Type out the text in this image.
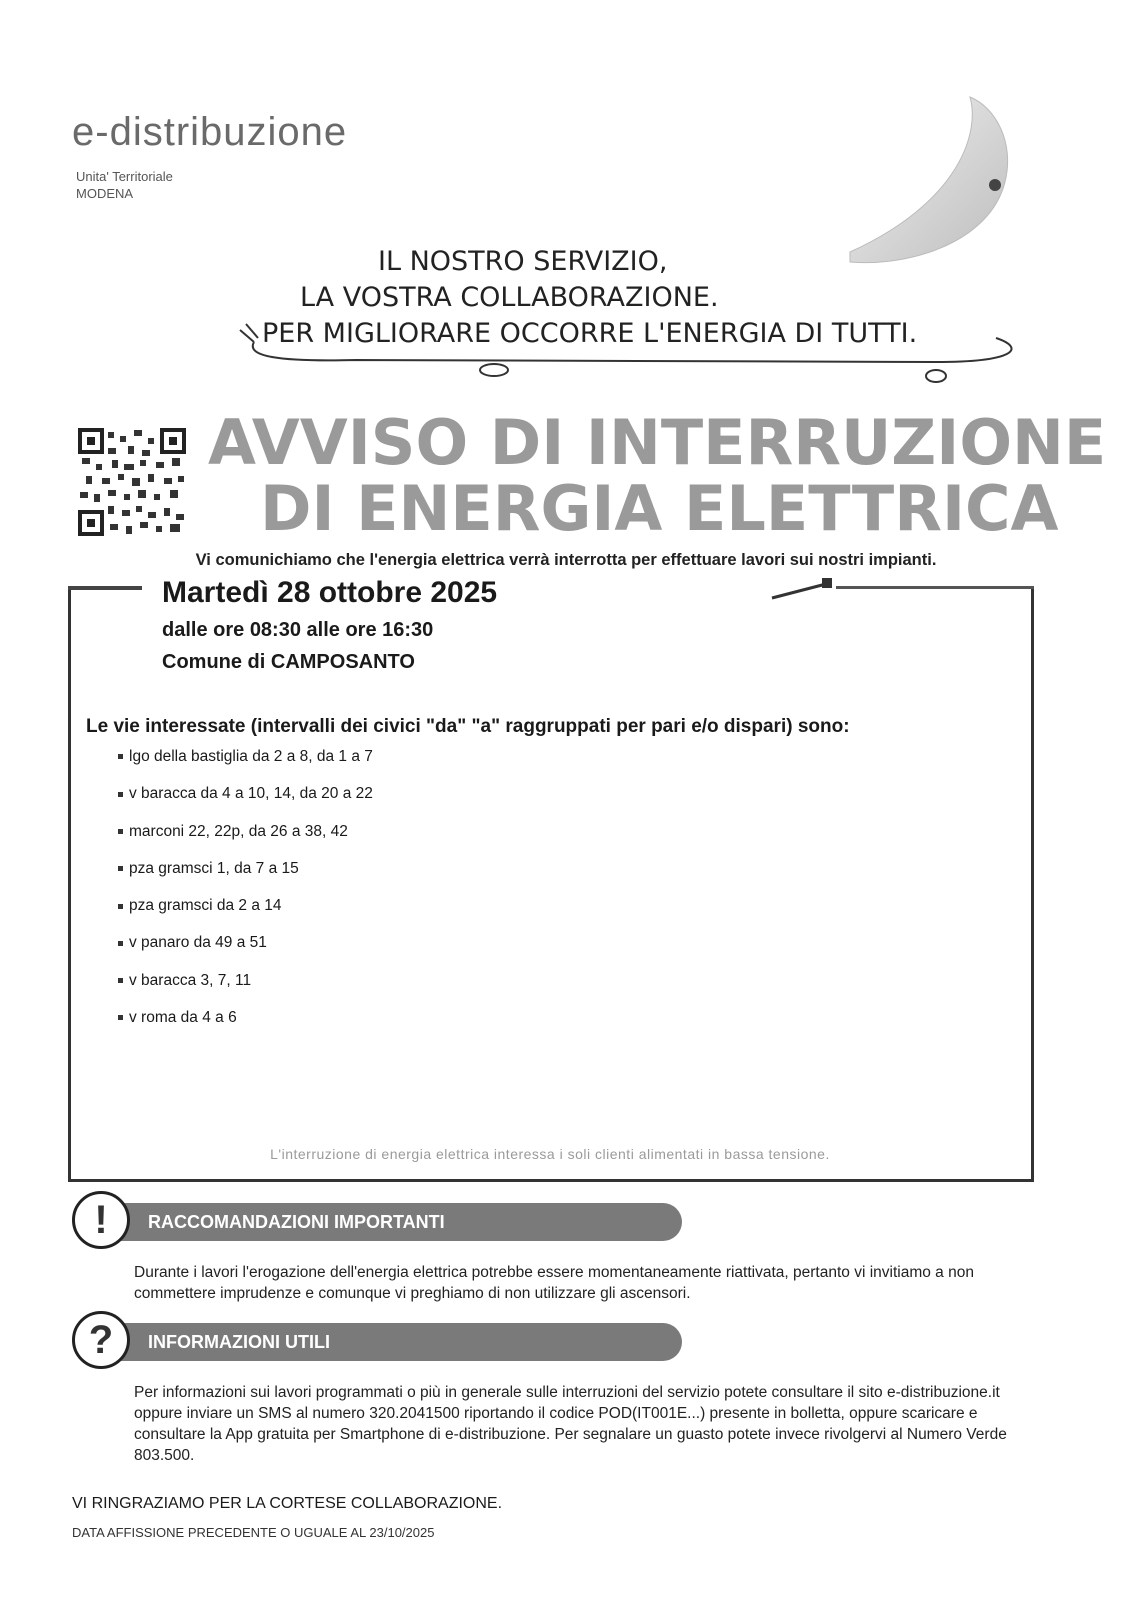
e-distribuzione
Unita' Territoriale
MODENA
IL NOSTRO SERVIZIO,
LA VOSTRA COLLABORAZIONE.
PER MIGLIORARE OCCORRE L'ENERGIA DI TUTTI.
AVVISO DI INTERRUZIONE
DI ENERGIA ELETTRICA
Vi comunichiamo che l'energia elettrica verrà interrotta per effettuare lavori sui nostri impianti.
Martedì 28 ottobre 2025
dalle ore 08:30 alle ore 16:30
Comune di CAMPOSANTO
Le vie interessate (intervalli dei civici "da" "a" raggruppati per pari e/o dispari) sono:
lgo della bastiglia da 2 a 8, da 1 a 7
v baracca da 4 a 10, 14, da 20 a 22
marconi 22, 22p, da 26 a 38, 42
pza gramsci 1, da 7 a 15
pza gramsci da 2 a 14
v panaro da 49 a 51
v baracca 3, 7, 11
v roma da 4 a 6
L'interruzione di energia elettrica interessa i soli clienti alimentati in bassa tensione.
RACCOMANDAZIONI IMPORTANTI
!
Durante i lavori l'erogazione dell'energia elettrica potrebbe essere momentaneamente riattivata, pertanto vi invitiamo a non commettere imprudenze e comunque vi preghiamo di non utilizzare gli ascensori.
INFORMAZIONI UTILI
?
Per informazioni sui lavori programmati o più in generale sulle interruzioni del servizio potete consultare il sito e-distribuzione.it oppure inviare un SMS al numero 320.2041500 riportando il codice POD(IT001E...) presente in bolletta, oppure scaricare e consultare la App gratuita per Smartphone di e-distribuzione. Per segnalare un guasto potete invece rivolgervi al Numero Verde 803.500.
VI RINGRAZIAMO PER LA CORTESE COLLABORAZIONE.
DATA AFFISSIONE PRECEDENTE O UGUALE AL 23/10/2025
